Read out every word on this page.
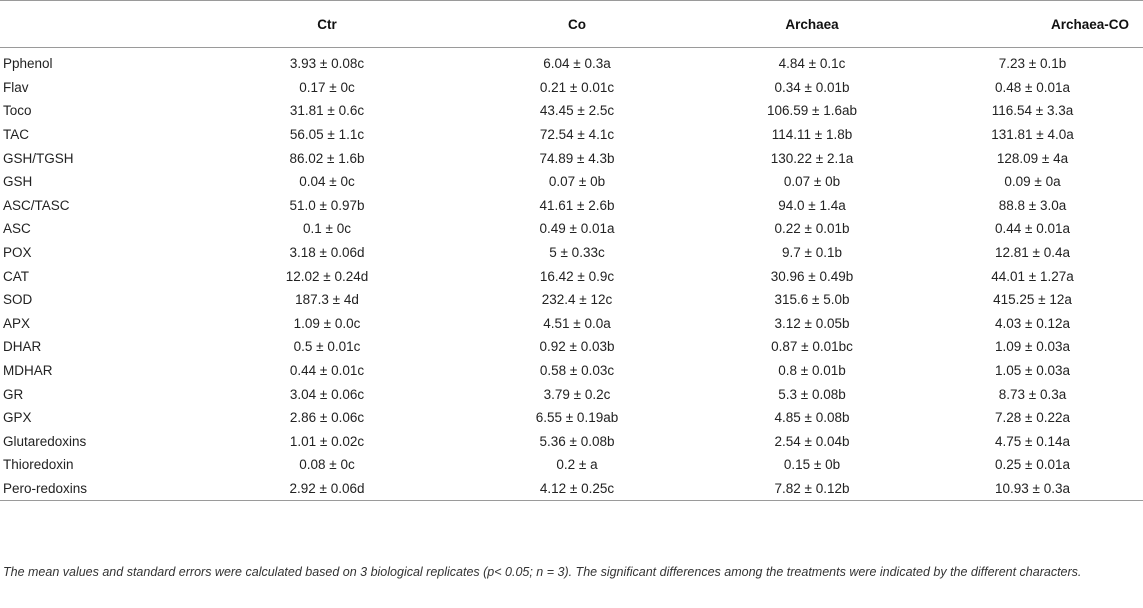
	Ctr	Co	Archaea	Archaea-CO
Pphenol	3.93 ± 0.08c	6.04 ± 0.3a	4.84 ± 0.1c	7.23 ± 0.1b
Flav	0.17 ± 0c	0.21 ± 0.01c	0.34 ± 0.01b	0.48 ± 0.01a
Toco	31.81 ± 0.6c	43.45 ± 2.5c	106.59 ± 1.6ab	116.54 ± 3.3a
TAC	56.05 ± 1.1c	72.54 ± 4.1c	114.11 ± 1.8b	131.81 ± 4.0a
GSH/TGSH	86.02 ± 1.6b	74.89 ± 4.3b	130.22 ± 2.1a	128.09 ± 4a
GSH	0.04 ± 0c	0.07 ± 0b	0.07 ± 0b	0.09 ± 0a
ASC/TASC	51.0 ± 0.97b	41.61 ± 2.6b	94.0 ± 1.4a	88.8 ± 3.0a
ASC	0.1 ± 0c	0.49 ± 0.01a	0.22 ± 0.01b	0.44 ± 0.01a
POX	3.18 ± 0.06d	5 ± 0.33c	9.7 ± 0.1b	12.81 ± 0.4a
CAT	12.02 ± 0.24d	16.42 ± 0.9c	30.96 ± 0.49b	44.01 ± 1.27a
SOD	187.3 ± 4d	232.4 ± 12c	315.6 ± 5.0b	415.25 ± 12a
APX	1.09 ± 0.0c	4.51 ± 0.0a	3.12 ± 0.05b	4.03 ± 0.12a
DHAR	0.5 ± 0.01c	0.92 ± 0.03b	0.87 ± 0.01bc	1.09 ± 0.03a
MDHAR	0.44 ± 0.01c	0.58 ± 0.03c	0.8 ± 0.01b	1.05 ± 0.03a
GR	3.04 ± 0.06c	3.79 ± 0.2c	5.3 ± 0.08b	8.73 ± 0.3a
GPX	2.86 ± 0.06c	6.55 ± 0.19ab	4.85 ± 0.08b	7.28 ± 0.22a
Glutaredoxins	1.01 ± 0.02c	5.36 ± 0.08b	2.54 ± 0.04b	4.75 ± 0.14a
Thioredoxin	0.08 ± 0c	0.2 ± a	0.15 ± 0b	0.25 ± 0.01a
Pero-redoxins	2.92 ± 0.06d	4.12 ± 0.25c	7.82 ± 0.12b	10.93 ± 0.3a
The mean values and standard errors were calculated based on 3 biological replicates (p< 0.05; n = 3). The significant differences among the treatments were indicated by the different characters.
